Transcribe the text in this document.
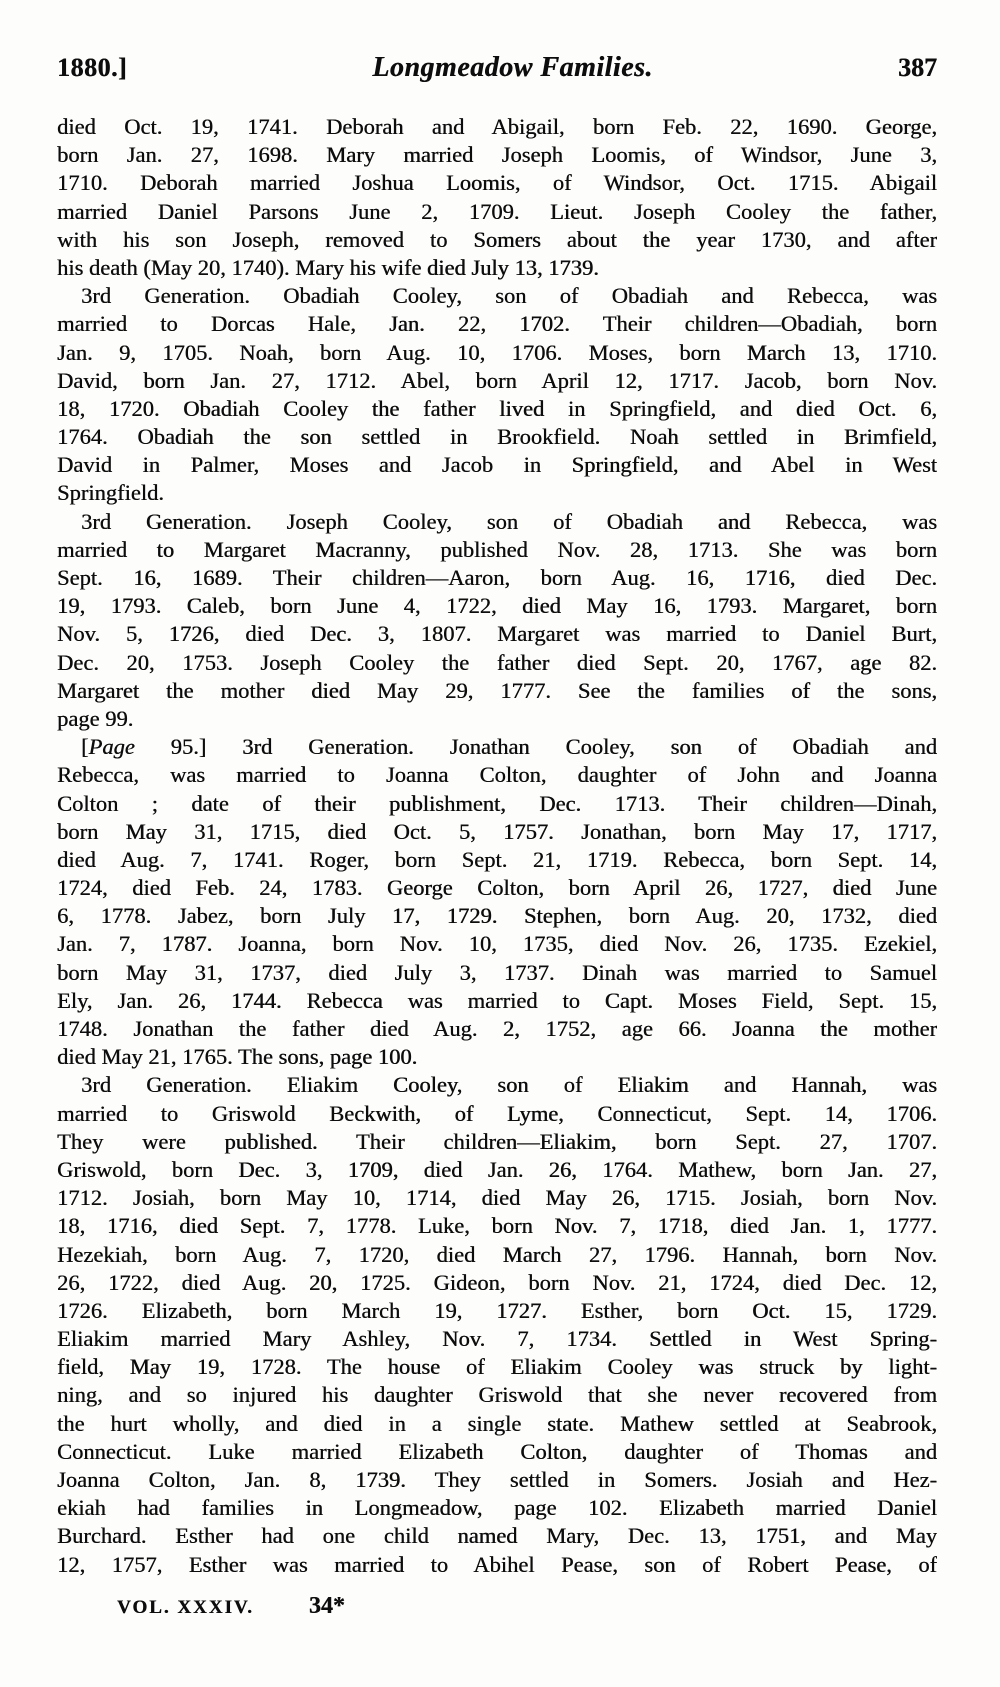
1880.]	Longmeadow Families.	387
died Oct. 19, 1741. Deborah and Abigail, born Feb. 22, 1690. George,
born Jan. 27, 1698. Mary married Joseph Loomis, of Windsor, June 3,
1710. Deborah married Joshua Loomis, of Windsor, Oct. 1715. Abigail
married Daniel Parsons June 2, 1709. Lieut. Joseph Cooley the father,
with his son Joseph, removed to Somers about the year 1730, and after
his death (May 20, 1740). Mary his wife died July 13, 1739.
3rd Generation. Obadiah Cooley, son of Obadiah and Rebecca, was
married to Dorcas Hale, Jan. 22, 1702. Their children—Obadiah, born
Jan. 9, 1705. Noah, born Aug. 10, 1706. Moses, born March 13, 1710.
David, born Jan. 27, 1712. Abel, born April 12, 1717. Jacob, born Nov.
18, 1720. Obadiah Cooley the father lived in Springfield, and died Oct. 6,
1764. Obadiah the son settled in Brookfield. Noah settled in Brimfield,
David in Palmer, Moses and Jacob in Springfield, and Abel in West
Springfield.
3rd Generation. Joseph Cooley, son of Obadiah and Rebecca, was
married to Margaret Macranny, published Nov. 28, 1713. She was born
Sept. 16, 1689. Their children—Aaron, born Aug. 16, 1716, died Dec.
19, 1793. Caleb, born June 4, 1722, died May 16, 1793. Margaret, born
Nov. 5, 1726, died Dec. 3, 1807. Margaret was married to Daniel Burt,
Dec. 20, 1753. Joseph Cooley the father died Sept. 20, 1767, age 82.
Margaret the mother died May 29, 1777. See the families of the sons,
page 99.
[Page 95.] 3rd Generation. Jonathan Cooley, son of Obadiah and
Rebecca, was married to Joanna Colton, daughter of John and Joanna
Colton ; date of their publishment, Dec. 1713. Their children—Dinah,
born May 31, 1715, died Oct. 5, 1757. Jonathan, born May 17, 1717,
died Aug. 7, 1741. Roger, born Sept. 21, 1719. Rebecca, born Sept. 14,
1724, died Feb. 24, 1783. George Colton, born April 26, 1727, died June
6, 1778. Jabez, born July 17, 1729. Stephen, born Aug. 20, 1732, died
Jan. 7, 1787. Joanna, born Nov. 10, 1735, died Nov. 26, 1735. Ezekiel,
born May 31, 1737, died July 3, 1737. Dinah was married to Samuel
Ely, Jan. 26, 1744. Rebecca was married to Capt. Moses Field, Sept. 15,
1748. Jonathan the father died Aug. 2, 1752, age 66. Joanna the mother
died May 21, 1765. The sons, page 100.
3rd Generation. Eliakim Cooley, son of Eliakim and Hannah, was
married to Griswold Beckwith, of Lyme, Connecticut, Sept. 14, 1706.
They were published. Their children—Eliakim, born Sept. 27, 1707.
Griswold, born Dec. 3, 1709, died Jan. 26, 1764. Mathew, born Jan. 27,
1712. Josiah, born May 10, 1714, died May 26, 1715. Josiah, born Nov.
18, 1716, died Sept. 7, 1778. Luke, born Nov. 7, 1718, died Jan. 1, 1777.
Hezekiah, born Aug. 7, 1720, died March 27, 1796. Hannah, born Nov.
26, 1722, died Aug. 20, 1725. Gideon, born Nov. 21, 1724, died Dec. 12,
1726. Elizabeth, born March 19, 1727. Esther, born Oct. 15, 1729.
Eliakim married Mary Ashley, Nov. 7, 1734. Settled in West Spring-
field, May 19, 1728. The house of Eliakim Cooley was struck by light-
ning, and so injured his daughter Griswold that she never recovered from
the hurt wholly, and died in a single state. Mathew settled at Seabrook,
Connecticut. Luke married Elizabeth Colton, daughter of Thomas and
Joanna Colton, Jan. 8, 1739. They settled in Somers. Josiah and Hez-
ekiah had families in Longmeadow, page 102. Elizabeth married Daniel
Burchard. Esther had one child named Mary, Dec. 13, 1751, and May
12, 1757, Esther was married to Abihel Pease, son of Robert Pease, of
VOL. XXXIV. 34*
